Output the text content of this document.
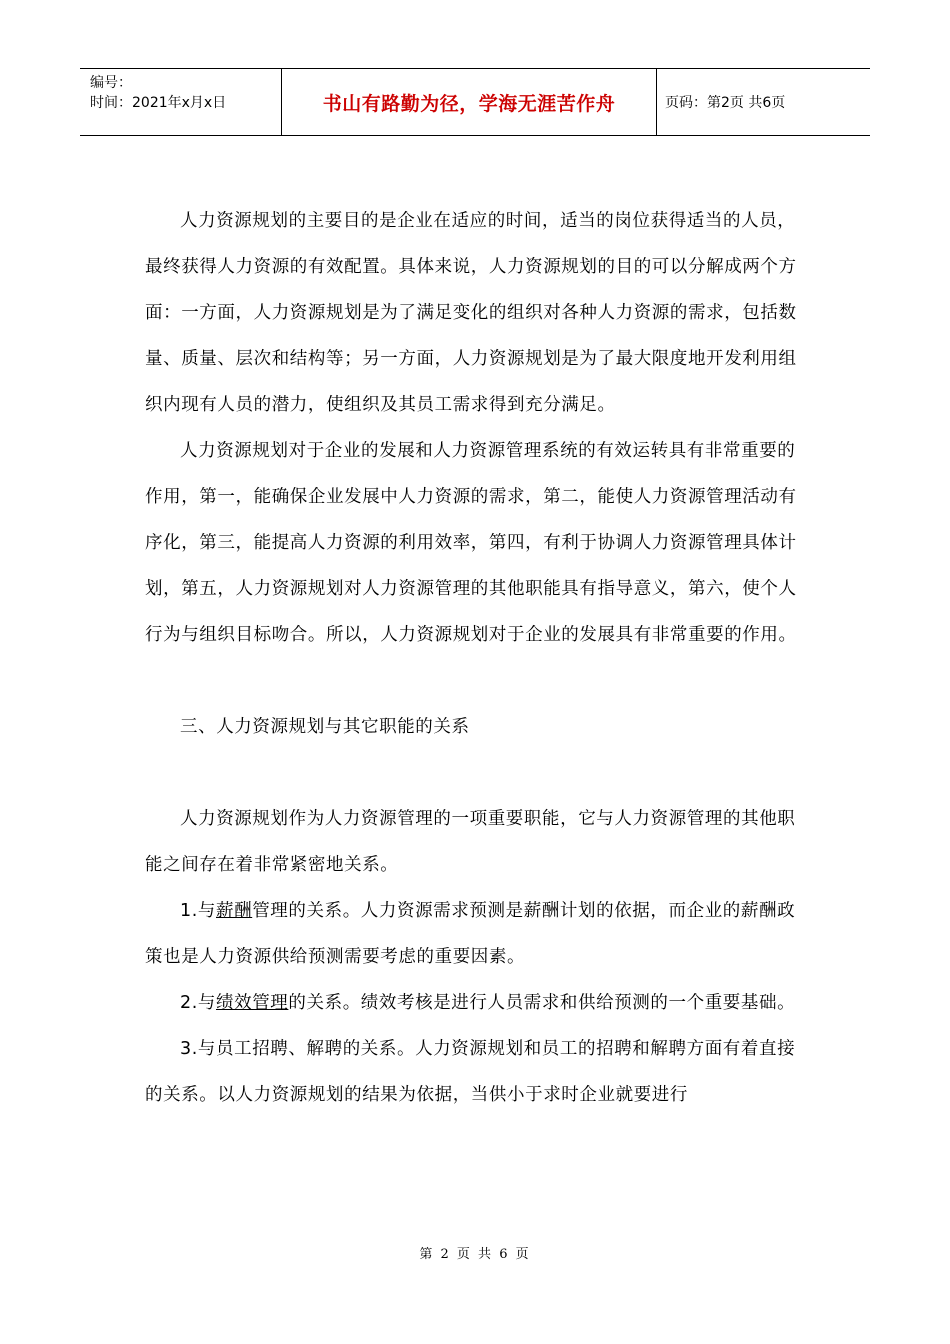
编号：
时间：2021年x月x日	书山有路勤为径，学海无涯苦作舟	页码：第2页 共6页

人力资源规划的主要目的是企业在适应的时间，适当的岗位获得适当的人员，最终获得人力资源的有效配置。具体来说，人力资源规划的目的可以分解成两个方面：一方面，人力资源规划是为了满足变化的组织对各种人力资源的需求，包括数量、质量、层次和结构等；另一方面，人力资源规划是为了最大限度地开发利用组织内现有人员的潜力，使组织及其员工需求得到充分满足。

人力资源规划对于企业的发展和人力资源管理系统的有效运转具有非常重要的作用，第一，能确保企业发展中人力资源的需求，第二，能使人力资源管理活动有序化，第三，能提高人力资源的利用效率，第四，有利于协调人力资源管理具体计划，第五，人力资源规划对人力资源管理的其他职能具有指导意义，第六，使个人行为与组织目标吻合。所以，人力资源规划对于企业的发展具有非常重要的作用。

三、人力资源规划与其它职能的关系

人力资源规划作为人力资源管理的一项重要职能，它与人力资源管理的其他职能之间存在着非常紧密地关系。

1.与薪酬管理的关系。人力资源需求预测是薪酬计划的依据，而企业的薪酬政策也是人力资源供给预测需要考虑的重要因素。

2.与绩效管理的关系。绩效考核是进行人员需求和供给预测的一个重要基础。

3.与员工招聘、解聘的关系。人力资源规划和员工的招聘和解聘方面有着直接的关系。以人力资源规划的结果为依据，当供小于求时企业就要进行

第 2 页 共 6 页
